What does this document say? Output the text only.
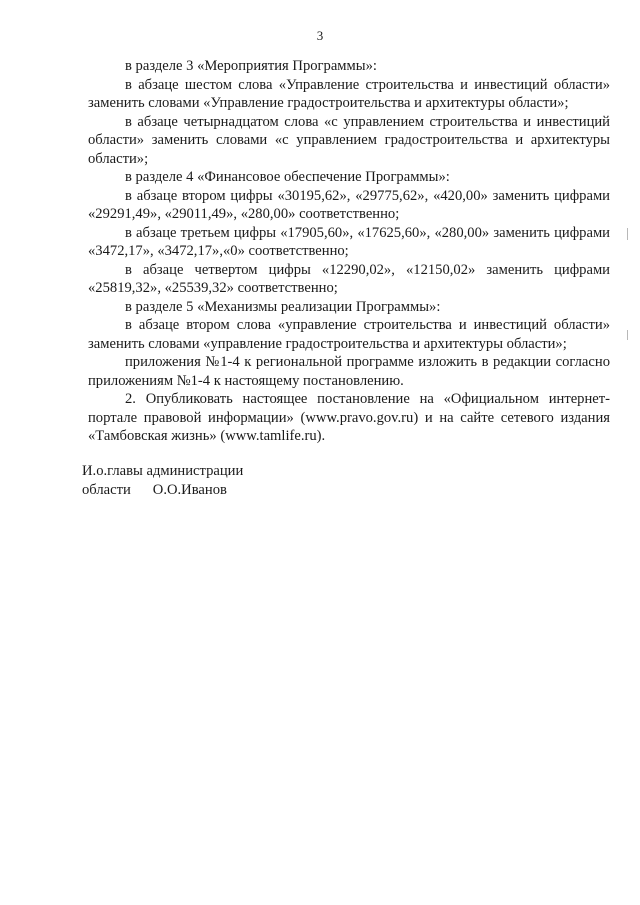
3

в разделе 3 «Мероприятия Программы»:

в абзаце шестом слова «Управление строительства и инвестиций области» заменить словами «Управление градостроительства и архитектуры области»;

в абзаце четырнадцатом слова «с управлением строительства и инвестиций области» заменить словами «с управлением градостроительства и архитектуры области»;

в разделе 4 «Финансовое обеспечение Программы»:

в абзаце втором цифры «30195,62», «29775,62», «420,00» заменить цифрами «29291,49», «29011,49», «280,00» соответственно;

в абзаце третьем цифры «17905,60», «17625,60», «280,00» заменить цифрами «3472,17», «3472,17»,«0» соответственно;

в абзаце четвертом цифры «12290,02», «12150,02» заменить цифрами «25819,32», «25539,32» соответственно;

в разделе 5 «Механизмы реализации Программы»:

в абзаце втором слова «управление строительства и инвестиций области» заменить словами «управление градостроительства и архитектуры области»;

приложения №1-4 к региональной программе изложить в редакции согласно приложениям №1-4 к настоящему постановлению.

2. Опубликовать настоящее постановление на «Официальном интернет-портале правовой информации» (www.pravo.gov.ru) и на сайте сетевого издания «Тамбовская жизнь» (www.tamlife.ru).

И.о.главы администрации

области О.О.Иванов
